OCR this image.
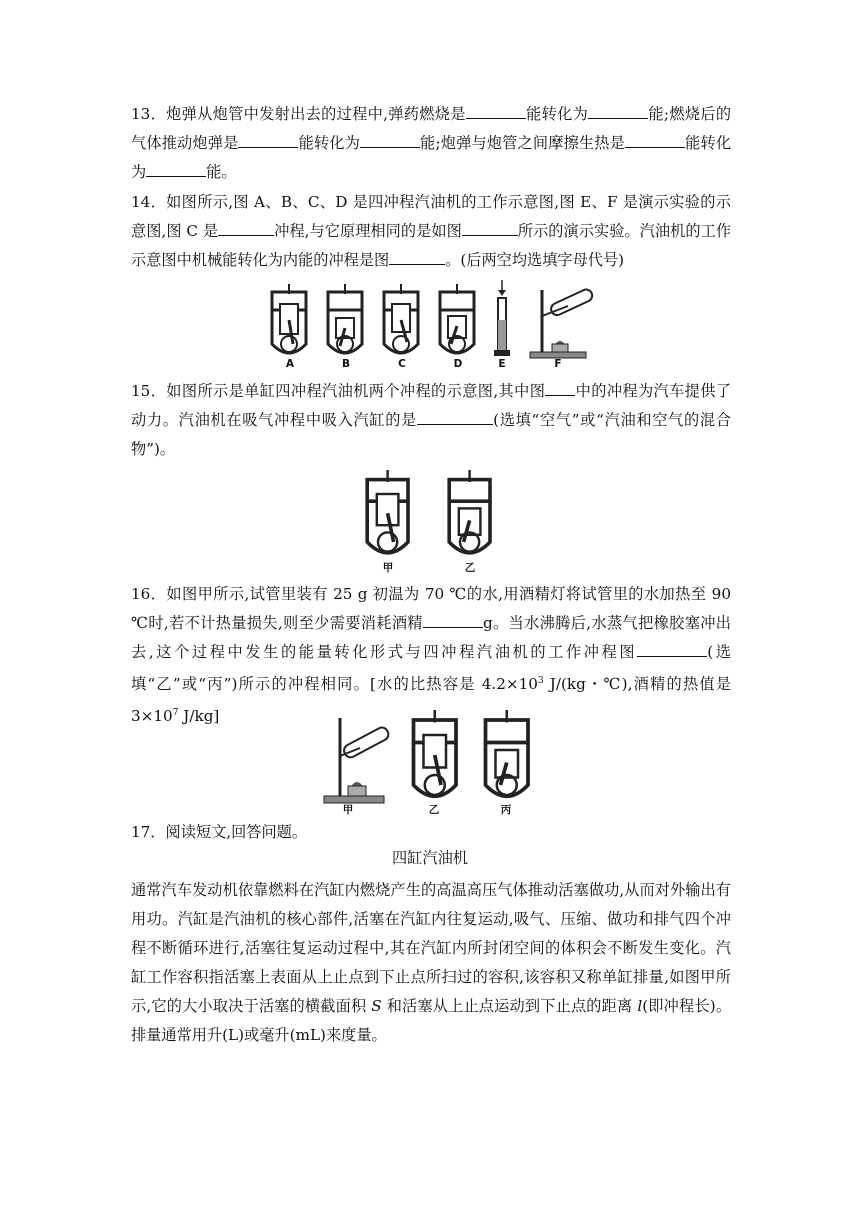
13．炮弹从炮管中发射出去的过程中,弹药燃烧是	能转化为	能;燃烧后的气体推动炮弹是	能转化为	能;炮弹与炮管之间摩擦生热是	能转化为	能。
14．如图所示,图 A、B、C、D 是四冲程汽油机的工作示意图,图 E、F 是演示实验的示意图,图 C 是	冲程,与它原理相同的是如图	所示的演示实验。汽油机的工作示意图中机械能转化为内能的冲程是图	。(后两空均选填字母代号)
A	B	C	D	E	F
15．如图所示是单缸四冲程汽油机两个冲程的示意图,其中图 中的冲程为汽车提供了动力。汽油机在吸气冲程中吸入汽缸的是	(选填“空气”或“汽油和空气的混合物”)。
甲	乙
16．如图甲所示,试管里装有 25 g 初温为 70 ℃的水,用酒精灯将试管里的水加热至 90 ℃时,若不计热量损失,则至少需要消耗酒精	g。当水沸腾后,水蒸气把橡胶塞冲出去,这个过程中发生的能量转化形式与四冲程汽油机的工作冲程图	(选填“乙”或“丙”)所示的冲程相同。[水的比热容是 $4.2\times 10^3$ J/(kg・℃),酒精的热值是 $3\times 10^7$ J/kg]
甲	乙	丙
17．阅读短文,回答问题。
四缸汽油机
通常汽车发动机依靠燃料在汽缸内燃烧产生的高温高压气体推动活塞做功,从而对外输出有用功。汽缸是汽油机的核心部件,活塞在汽缸内往复运动,吸气、压缩、做功和排气四个冲程不断循环进行,活塞往复运动过程中,其在汽缸内所封闭空间的体积会不断发生变化。汽缸工作容积指活塞上表面从上止点到下止点所扫过的容积,该容积又称单缸排量,如图甲所示,它的大小取决于活塞的横截面积 S 和活塞从上止点运动到下止点的距离 l(即冲程长)。排量通常用升(L)或毫升(mL)来度量。
